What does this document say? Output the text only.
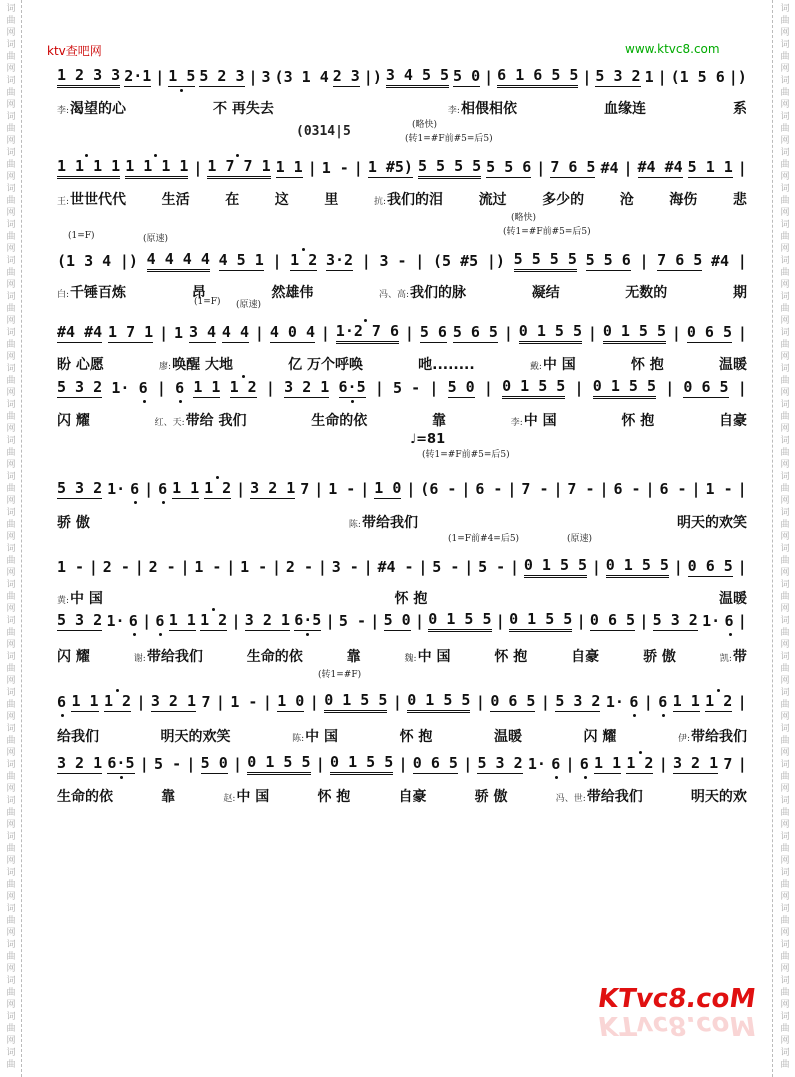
词
曲
网
词
曲
网
词
曲
网
词
曲
网
词
曲
网
词
曲
网
词
曲
网
词
曲
网
词
曲
网
词
曲
网
词
曲
网
词
曲
网
词
曲
网
词
曲
网
词
曲
网
词
曲
网
词
曲
网
词
曲
网
词
曲
网
词
曲
网
词
曲
网
词
曲
网
词
曲
网
词
曲
网
词
曲
网
词
曲
网
词
曲
网
词
曲
网
词
曲
网
词
曲
词
曲
网
词
曲
网
词
曲
网
词
曲
网
词
曲
网
词
曲
网
词
曲
网
词
曲
网
词
曲
网
词
曲
网
词
曲
网
词
曲
网
词
曲
网
词
曲
网
词
曲
网
词
曲
网
词
曲
网
词
曲
网
词
曲
网
词
曲
网
词
曲
网
词
曲
网
词
曲
网
词
曲
网
词
曲
网
词
曲
网
词
曲
网
词
曲
网
词
曲
网
词
曲
ktv查吧网	www.ktvc8.com
(略快)
(转1=#F前#5=后5)
(0314|5
(1=F)	(原速)
(略快)
(转1=#F前#5=后5)
(1=F) (原速)
(转1=#F前#5=后5)
(1=F前#4=后5)	(原速)
(转1=#F)
♩=81
1 2 3 3 2·1 | 1 5 5 2 3 | 3 (3 1 4 2 3 |) 3 4 5 5 5 0 | 6 1 6 5 5 | 5 3 2 1 | (1 5 6 |)
李:渴望的心	不 再失去	李:相偎相依	血缘连	系
1 1 1 1 1 1 1 1 | 1 7 7 1 1 1 | 1 - | 1 #5) 5 5 5 5 5 5 6 | 7 6 5 #4 | #4 #4 5 1 1 |
王:世世代代	生活	在	这	里	抗:我们的泪	流过	多少的	沧	海伤	悲
(1 3 4 |) 4 4 4 4 4 5 1 | 1 2 3·2 | 3 - | (5 #5 |) 5 5 5 5 5 5 6 | 7 6 5 #4 |
白:千锤百炼	昂	然雄伟	冯、高:我们的脉	凝结	无数的	期
#4 #4 1 7 1 | 1 3 4 4 4 | 4 0 4 | 1·2 7 6 | 5 6 5 6 5 | 0 1 5 5 | 0 1 5 5 | 0 6 5 |
盼 心愿	廖:唤醒 大地	亿 万个呼唤	吔........	戴:中 国	怀 抱	温暖
5 3 2 1· 6 | 6 1 1 1 2 | 3 2 1 6·5 | 5 - | 5 0 | 0 1 5 5 | 0 1 5 5 | 0 6 5 |
闪 耀	红、天:带给 我们	生命的依	靠	李:中 国	怀 抱	自豪
5 3 2 1· 6 | 6 1 1 1 2 | 3 2 1 7 | 1 - | 1 0 | (6 - | 6 - | 7 - | 7 - | 6 - | 6 - | 1 - |
骄 傲	陈:带给我们	明天的欢笑
1 - | 2 - | 2 - | 1 - | 1 - | 2 - | 3 - | #4 - | 5 - | 5 - | 0 1 5 5 | 0 1 5 5 | 0 6 5 |
黄:中 国	怀 抱	温暖
5 3 2 1· 6 | 6 1 1 1 2 | 3 2 1 6·5 | 5 - | 5 0 | 0 1 5 5 | 0 1 5 5 | 0 6 5 | 5 3 2 1· 6 |
闪 耀	谢:带给我们	生命的依	靠	魏:中 国	怀 抱	自豪	骄 傲	凯:带
6 1 1 1 2 | 3 2 1 7 | 1 - | 1 0 | 0 1 5 5 | 0 1 5 5 | 0 6 5 | 5 3 2 1· 6 | 6 1 1 1 2 |
给我们	明天的欢笑	陈:中 国	怀 抱	温暖	闪 耀	伊:带给我们
3 2 1 6·5 | 5 - | 5 0 | 0 1 5 5 | 0 1 5 5 | 0 6 5 | 5 3 2 1· 6 | 6 1 1 1 2 | 3 2 1 7 |
生命的依	靠	赵:中 国	怀 抱	自豪	骄 傲	冯、世:带给我们	明天的欢
KTvc8.coM
KTvc8.coM
